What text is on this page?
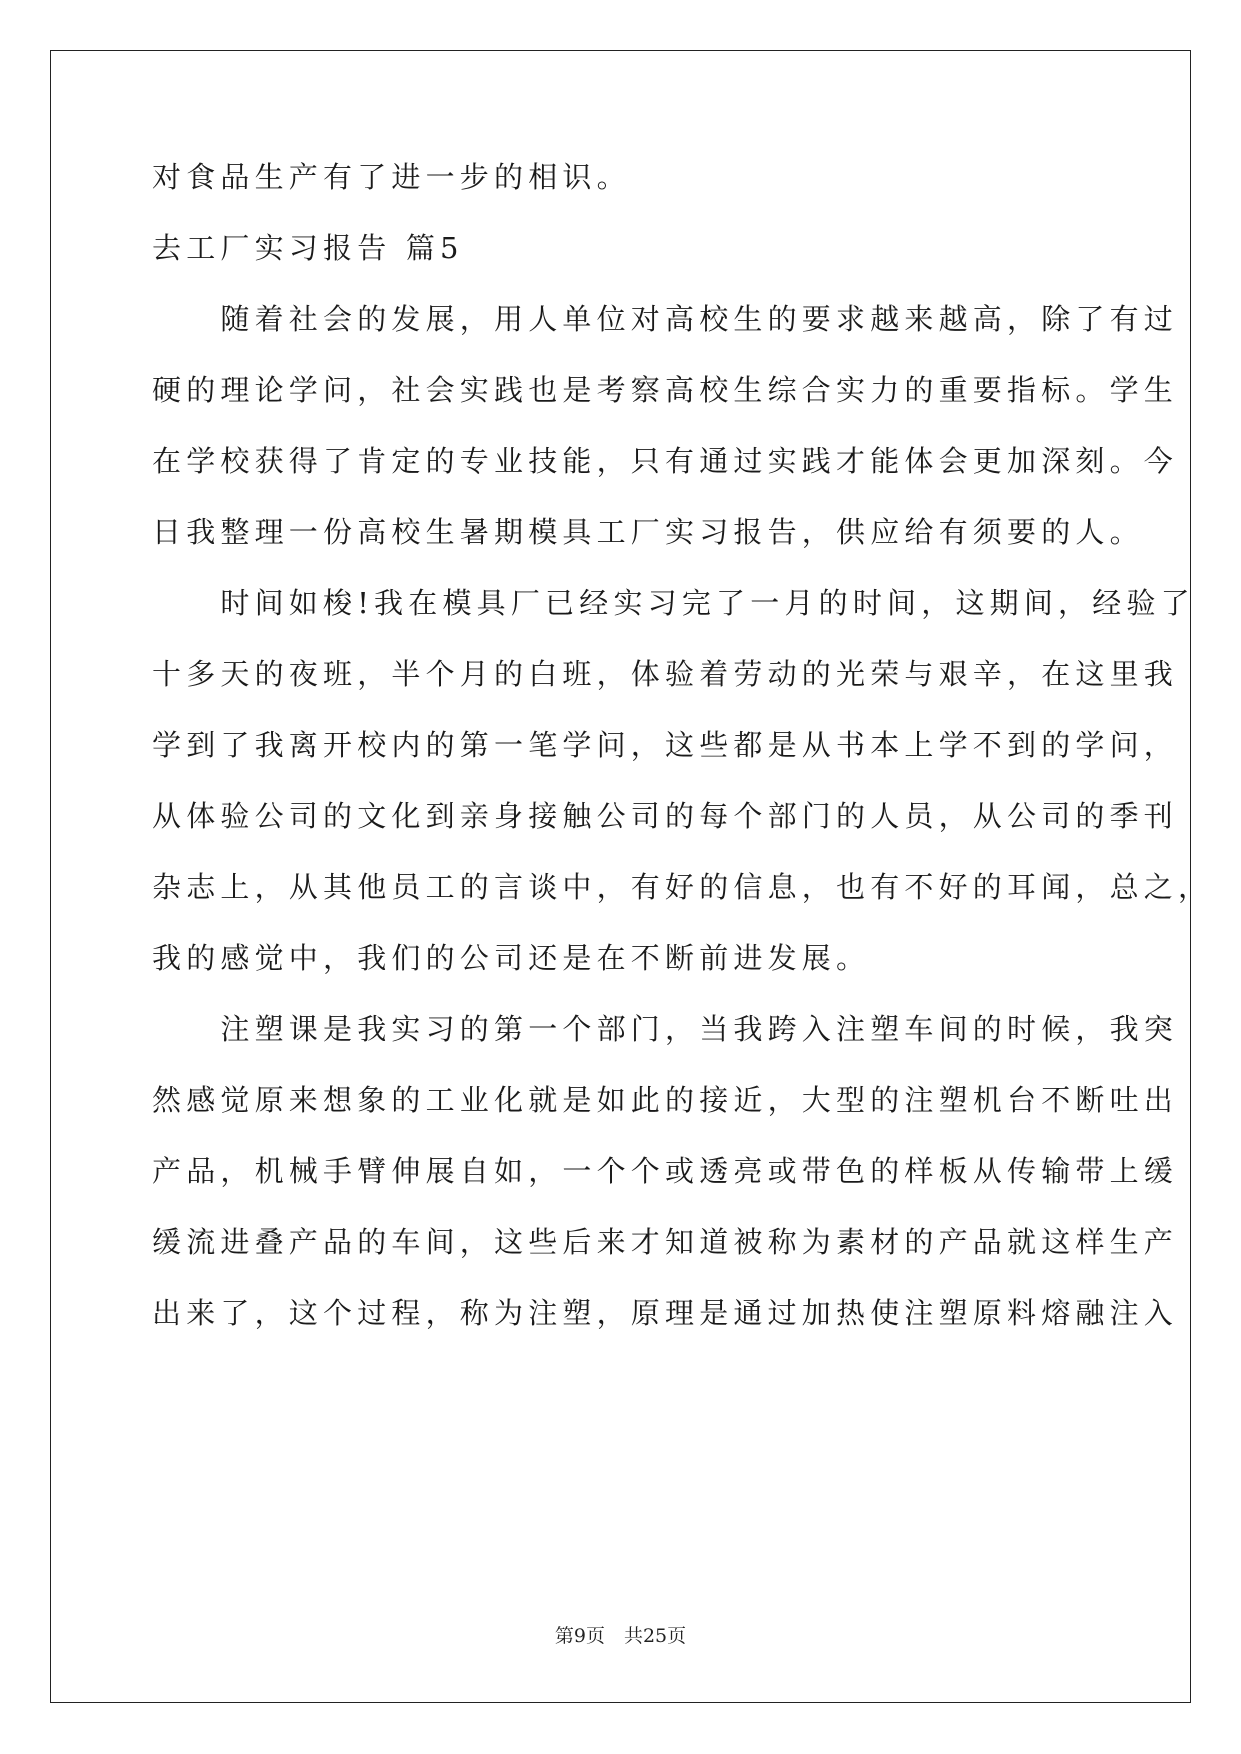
对食品生产有了进一步的相识。
去工厂实习报告 篇5
　　随着社会的发展，用人单位对高校生的要求越来越高，除了有过
硬的理论学问，社会实践也是考察高校生综合实力的重要指标。学生
在学校获得了肯定的专业技能，只有通过实践才能体会更加深刻。今
日我整理一份高校生暑期模具工厂实习报告，供应给有须要的人。
　　时间如梭!我在模具厂已经实习完了一月的时间，这期间，经验了
十多天的夜班，半个月的白班，体验着劳动的光荣与艰辛，在这里我
学到了我离开校内的第一笔学问，这些都是从书本上学不到的学问，
从体验公司的文化到亲身接触公司的每个部门的人员，从公司的季刊
杂志上，从其他员工的言谈中，有好的信息，也有不好的耳闻，总之，
我的感觉中，我们的公司还是在不断前进发展。
　　注塑课是我实习的第一个部门，当我跨入注塑车间的时候，我突
然感觉原来想象的工业化就是如此的接近，大型的注塑机台不断吐出
产品，机械手臂伸展自如，一个个或透亮或带色的样板从传输带上缓
缓流进叠产品的车间，这些后来才知道被称为素材的产品就这样生产
出来了，这个过程，称为注塑，原理是通过加热使注塑原料熔融注入
第9页　共25页
